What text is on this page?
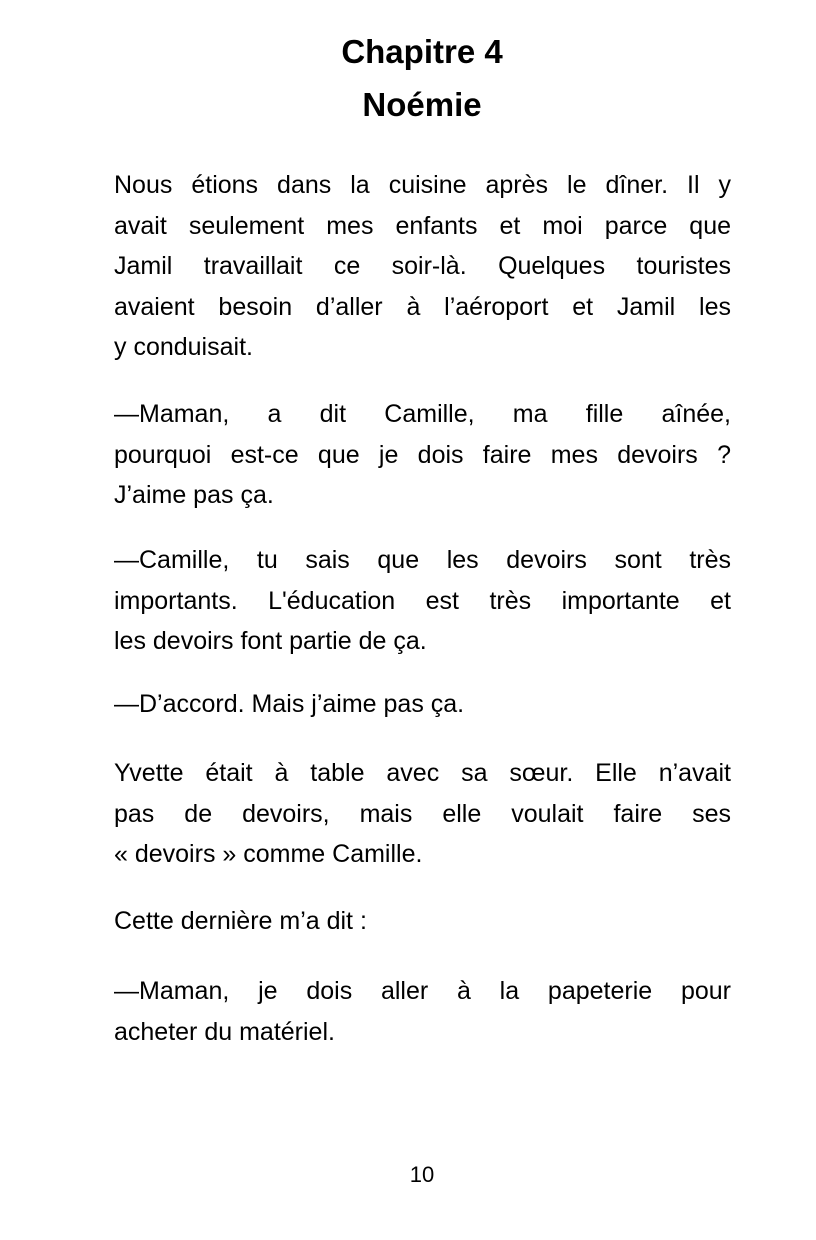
Chapitre 4
Noémie
Nous étions dans la cuisine après le dîner. Il y
avait seulement mes enfants et moi parce que
Jamil travaillait ce soir-là. Quelques touristes
avaient besoin d’aller à l’aéroport et Jamil les
y conduisait.
—Maman, a dit Camille, ma fille aînée,
pourquoi est-ce que je dois faire mes devoirs ?
J’aime pas ça.
—Camille, tu sais que les devoirs sont très
importants. L'éducation est très importante et
les devoirs font partie de ça.
—D’accord. Mais j’aime pas ça.
Yvette était à table avec sa sœur. Elle n’avait
pas de devoirs, mais elle voulait faire ses
« devoirs » comme Camille.
Cette dernière m’a dit :
—Maman, je dois aller à la papeterie pour
acheter du matériel.
10
